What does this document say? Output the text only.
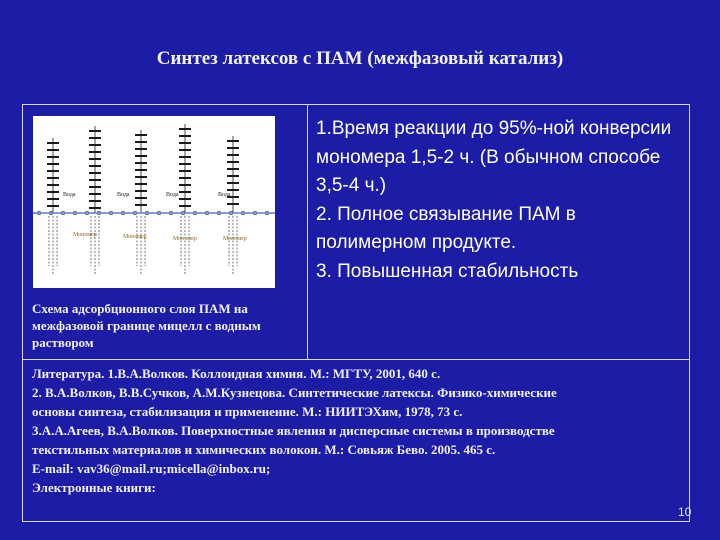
Синтез латексов с ПАМ (межфазовый катализ)
Вода	Вода	Вода	Вода
Мономер	Мономер	Мономер	Мономер
Схема адсорбционного слоя ПАМ на межфазовой границе мицелл с водным раствором
1.Время реакции до 95%-ной конверсии мономера 1,5-2 ч. (В обычном способе 3,5-4 ч.)
2. Полное связывание ПАМ в полимерном продукте.
3. Повышенная стабильность
Литература. 1.В.А.Волков. Коллоидная химия. М.: МГТУ, 2001, 640 с.
2. В.А.Волков, В.В.Сучков, А.М.Кузнецова. Синтетические латексы. Физико-химические
основы синтеза, стабилизация и применение. М.: НИИТЭХим, 1978, 73 с.
3.А.А.Агеев, В.А.Волков. Поверхностные явления и дисперсные системы в производстве
текстильных материалов и химических волокон. М.: Совьяж Бево. 2005. 465 с.
E-mail: vav36@mail.ru;micella@inbox.ru;
Электронные книги:
10
